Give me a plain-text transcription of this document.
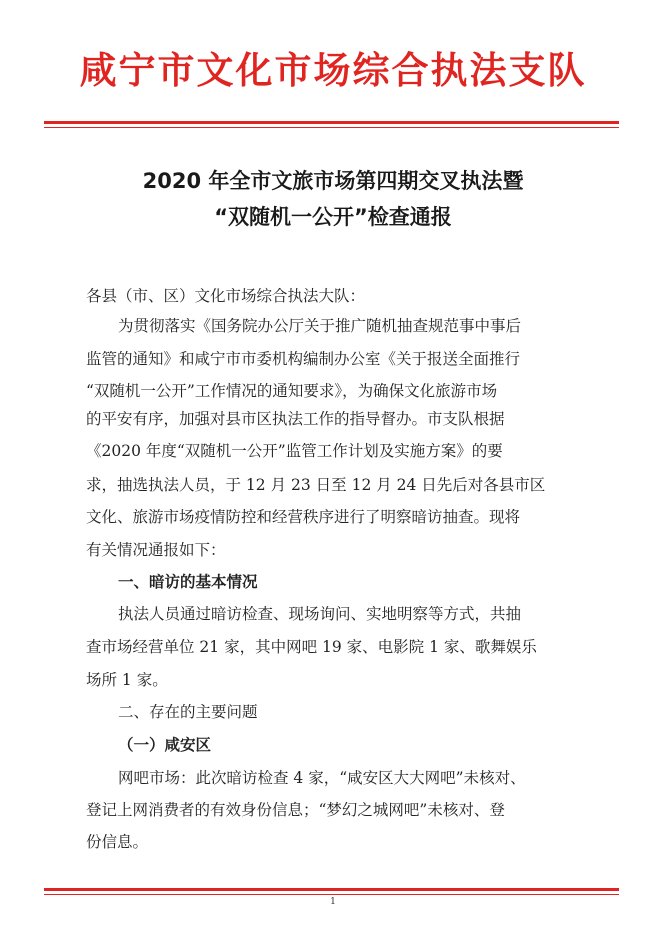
咸宁市文化市场综合执法支队
2020 年全市文旅市场第四期交叉执法暨
“双随机一公开”检查通报
各县（市、区）文化市场综合执法大队：
为贯彻落实《国务院办公厅关于推广随机抽查规范事中事后
监管的通知》和咸宁市市委机构编制办公室《关于报送全面推行
“双随机一公开”工作情况的通知要求》，为确保文化旅游市场
的平安有序，加强对县市区执法工作的指导督办。市支队根据
《2020 年度“双随机一公开”监管工作计划及实施方案》的要
求，抽选执法人员，于 12 月 23 日至 12 月 24 日先后对各县市区
文化、旅游市场疫情防控和经营秩序进行了明察暗访抽查。现将
有关情况通报如下：
一、暗访的基本情况
执法人员通过暗访检查、现场询问、实地明察等方式，共抽
查市场经营单位 21 家，其中网吧 19 家、电影院 1 家、歌舞娱乐
场所 1 家。
二、存在的主要问题
（一）咸安区
网吧市场：此次暗访检查 4 家，“咸安区大大网吧”未核对、
登记上网消费者的有效身份信息；“梦幻之城网吧”未核对、登
份信息。
1
